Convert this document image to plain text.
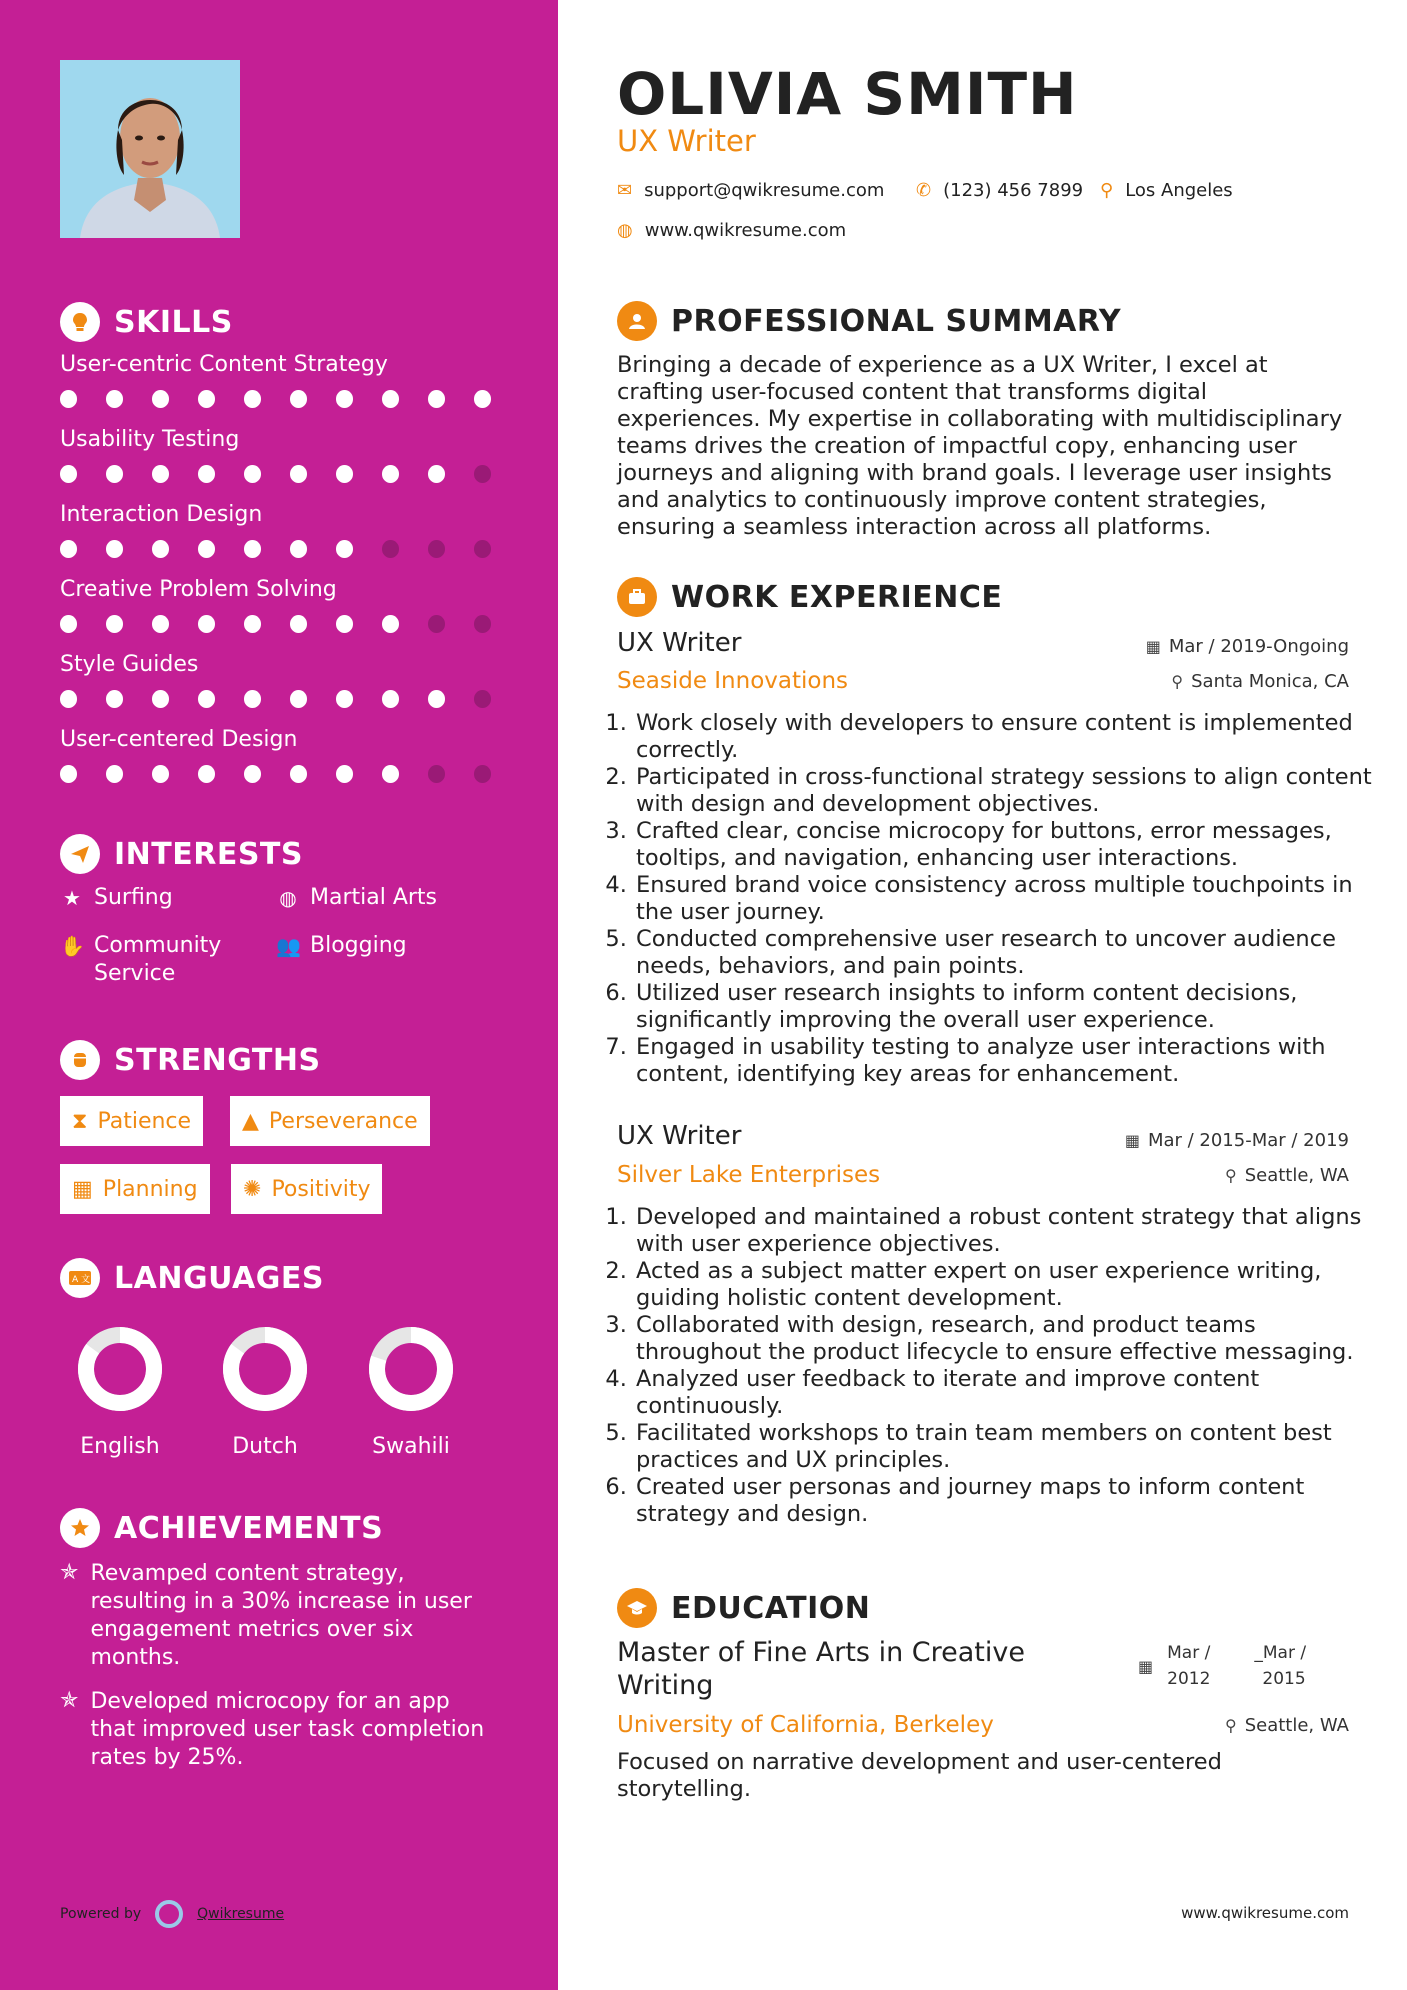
SKILLS
User-centric Content Strategy
Usability Testing
Interaction Design
Creative Problem Solving
Style Guides
User-centered Design
INTERESTS
★ Surfing	◍ Martial Arts
✋ Community Service
👥 Blogging
STRENGTHS
⧗ Patience ▲ Perseverance
▦ Planning ✺ Positivity
A 文 LANGUAGES
English	Dutch	Swahili
ACHIEVEMENTS
✯ Revamped content strategy, resulting in a 30% increase in user engagement metrics over six months.
✯ Developed microcopy for an app that improved user task completion rates by 25%.
Powered by	Qwikresume
OLIVIA SMITH
UX Writer
✉ support@qwikresume.com ✆ (123) 456 7899 ⚲ Los Angeles
◍ www.qwikresume.com
PROFESSIONAL SUMMARY
WORK EXPERIENCE
EDUCATION
Bringing a decade of experience as a UX Writer, I excel at crafting user-focused content that transforms digital experiences. My expertise in collaborating with multidisciplinary teams drives the creation of impactful copy, enhancing user journeys and aligning with brand goals. I leverage user insights and analytics to continuously improve content strategies, ensuring a seamless interaction across all platforms.
UX Writer
Seaside Innovations
▦ Mar / 2019-Ongoing
⚲ Santa Monica, CA
1. Work closely with developers to ensure content is implemented correctly.
2. Participated in cross-functional strategy sessions to align content with design and development objectives.
3. Crafted clear, concise microcopy for buttons, error messages, tooltips, and navigation, enhancing user interactions.
4. Ensured brand voice consistency across multiple touchpoints in the user journey.
5. Conducted comprehensive user research to uncover audience needs, behaviors, and pain points.
6. Utilized user research insights to inform content decisions, significantly improving the overall user experience.
7. Engaged in usability testing to analyze user interactions with content, identifying key areas for enhancement.
UX Writer
Silver Lake Enterprises
▦ Mar / 2015-Mar / 2019
⚲ Seattle, WA
1. Developed and maintained a robust content strategy that aligns with user experience objectives.
2. Acted as a subject matter expert on user experience writing, guiding holistic content development.
3. Collaborated with design, research, and product teams throughout the product lifecycle to ensure effective messaging.
4. Analyzed user feedback to iterate and improve content continuously.
5. Facilitated workshops to train team members on content best practices and UX principles.
6. Created user personas and journey maps to inform content strategy and design.
Master of Fine Arts in Creative Writing
▦
Mar /
2012
_Mar /
2015
University of California, Berkeley	⚲ Seattle, WA
Focused on narrative development and user-centered storytelling.
www.qwikresume.com
